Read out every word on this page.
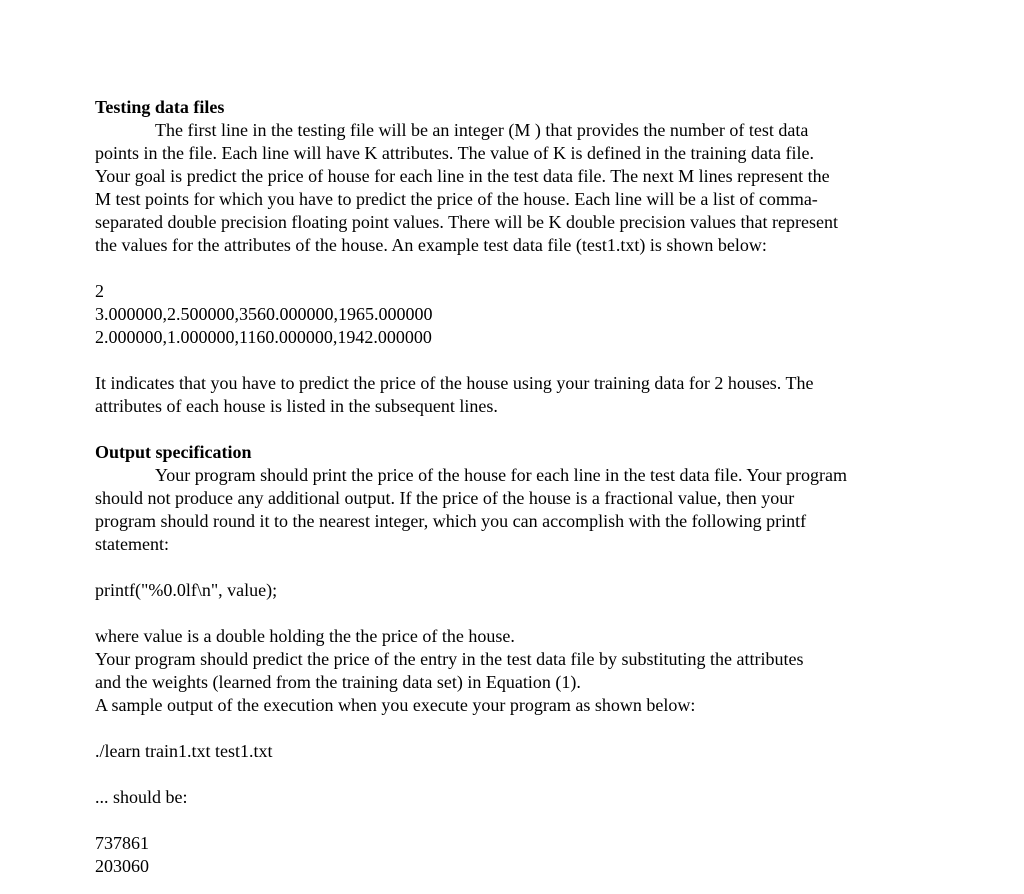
Testing data files
The first line in the testing file will be an integer (M ) that provides the number of test data
points in the file. Each line will have K attributes. The value of K is defined in the training data file.
Your goal is predict the price of house for each line in the test data file. The next M lines represent the
M test points for which you have to predict the price of the house. Each line will be a list of comma-
separated double precision floating point values. There will be K double precision values that represent
the values for the attributes of the house. An example test data file (test1.txt) is shown below:
2
3.000000,2.500000,3560.000000,1965.000000
2.000000,1.000000,1160.000000,1942.000000
It indicates that you have to predict the price of the house using your training data for 2 houses. The
attributes of each house is listed in the subsequent lines.
Output specification
Your program should print the price of the house for each line in the test data file. Your program
should not produce any additional output. If the price of the house is a fractional value, then your
program should round it to the nearest integer, which you can accomplish with the following printf
statement:
printf("%0.0lf\n", value);
where value is a double holding the the price of the house.
Your program should predict the price of the entry in the test data file by substituting the attributes
and the weights (learned from the training data set) in Equation (1).
A sample output of the execution when you execute your program as shown below:
./learn train1.txt test1.txt
... should be:
737861
203060
